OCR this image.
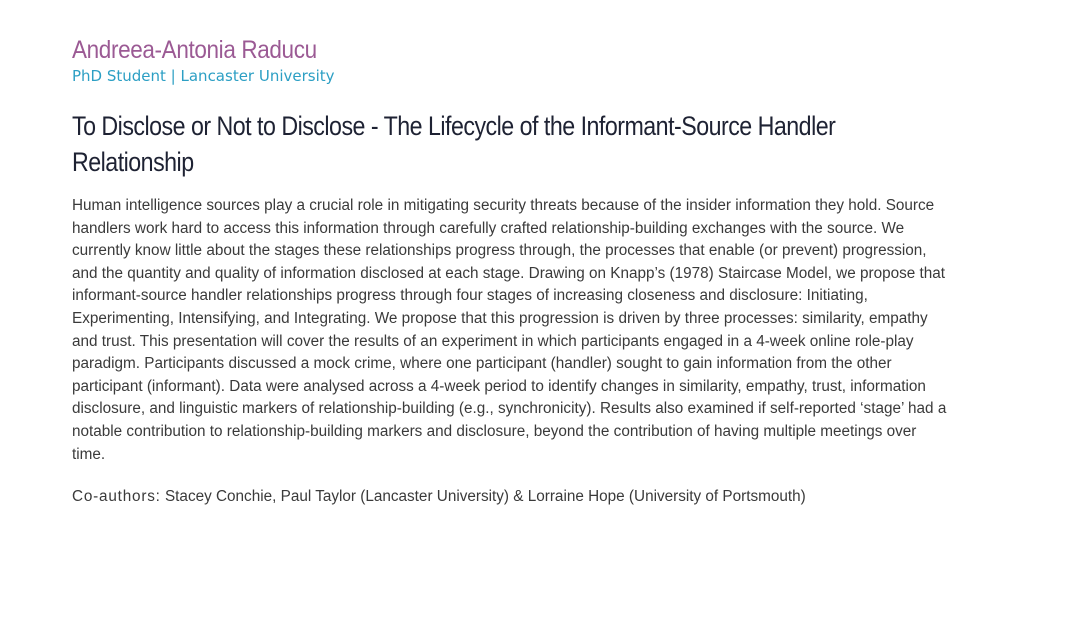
Andreea-Antonia Raducu
PhD Student | Lancaster University
To Disclose or Not to Disclose - The Lifecycle of the Informant-Source Handler Relationship
Human intelligence sources play a crucial role in mitigating security threats because of the insider information they hold. Source handlers work hard to access this information through carefully crafted relationship-building exchanges with the source. We currently know little about the stages these relationships progress through, the processes that enable (or prevent) progression, and the quantity and quality of information disclosed at each stage. Drawing on Knapp’s (1978) Staircase Model, we propose that informant-source handler relationships progress through four stages of increasing closeness and disclosure: Initiating, Experimenting, Intensifying, and Integrating. We propose that this progression is driven by three processes: similarity, empathy and trust. This presentation will cover the results of an experiment in which participants engaged in a 4-week online role-play paradigm. Participants discussed a mock crime, where one participant (handler) sought to gain information from the other participant (informant). Data were analysed across a 4-week period to identify changes in similarity, empathy, trust, information disclosure, and linguistic markers of relationship-building (e.g., synchronicity). Results also examined if self-reported ‘stage’ had a notable contribution to relationship-building markers and disclosure, beyond the contribution of having multiple meetings over time.
Co-authors: Stacey Conchie, Paul Taylor (Lancaster University) & Lorraine Hope (University of Portsmouth)
